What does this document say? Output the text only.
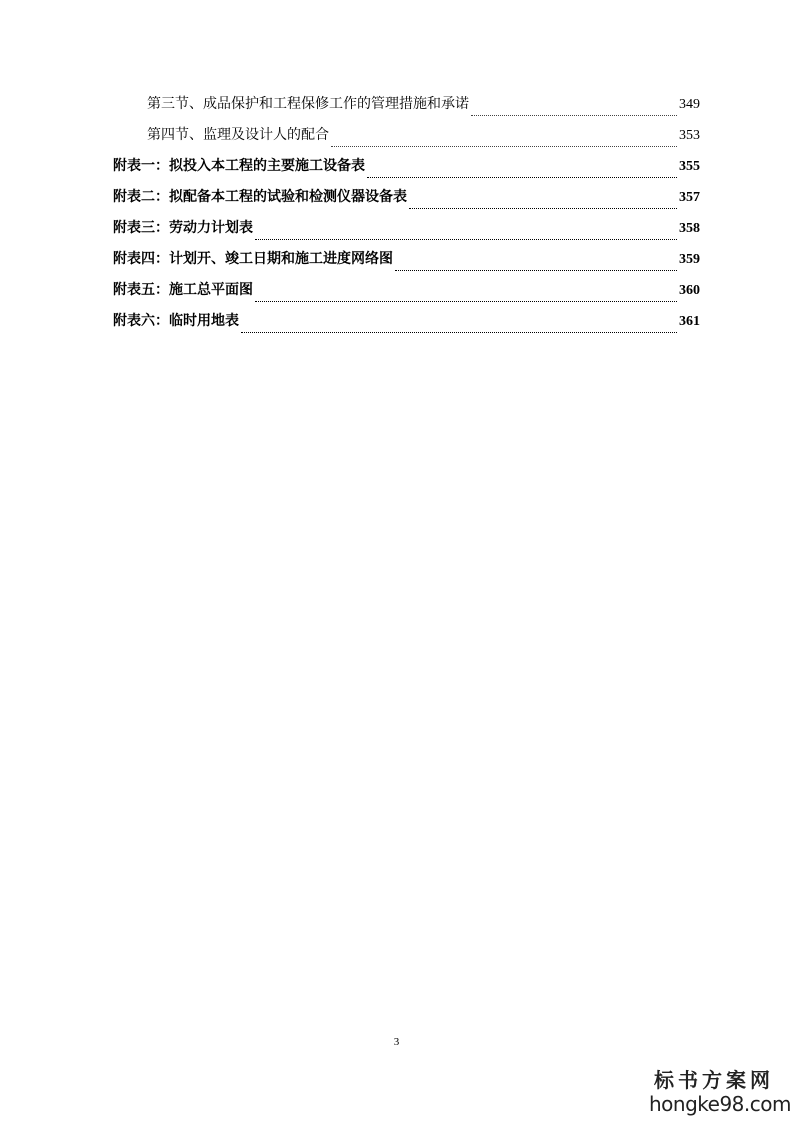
第三节、成品保护和工程保修工作的管理措施和承诺	349
第四节、监理及设计人的配合	353
附表一：拟投入本工程的主要施工设备表	355
附表二：拟配备本工程的试验和检测仪器设备表	357
附表三：劳动力计划表	358
附表四：计划开、竣工日期和施工进度网络图	359
附表五：施工总平面图	360
附表六：临时用地表	361
3
标书方案网
hongke98.com
